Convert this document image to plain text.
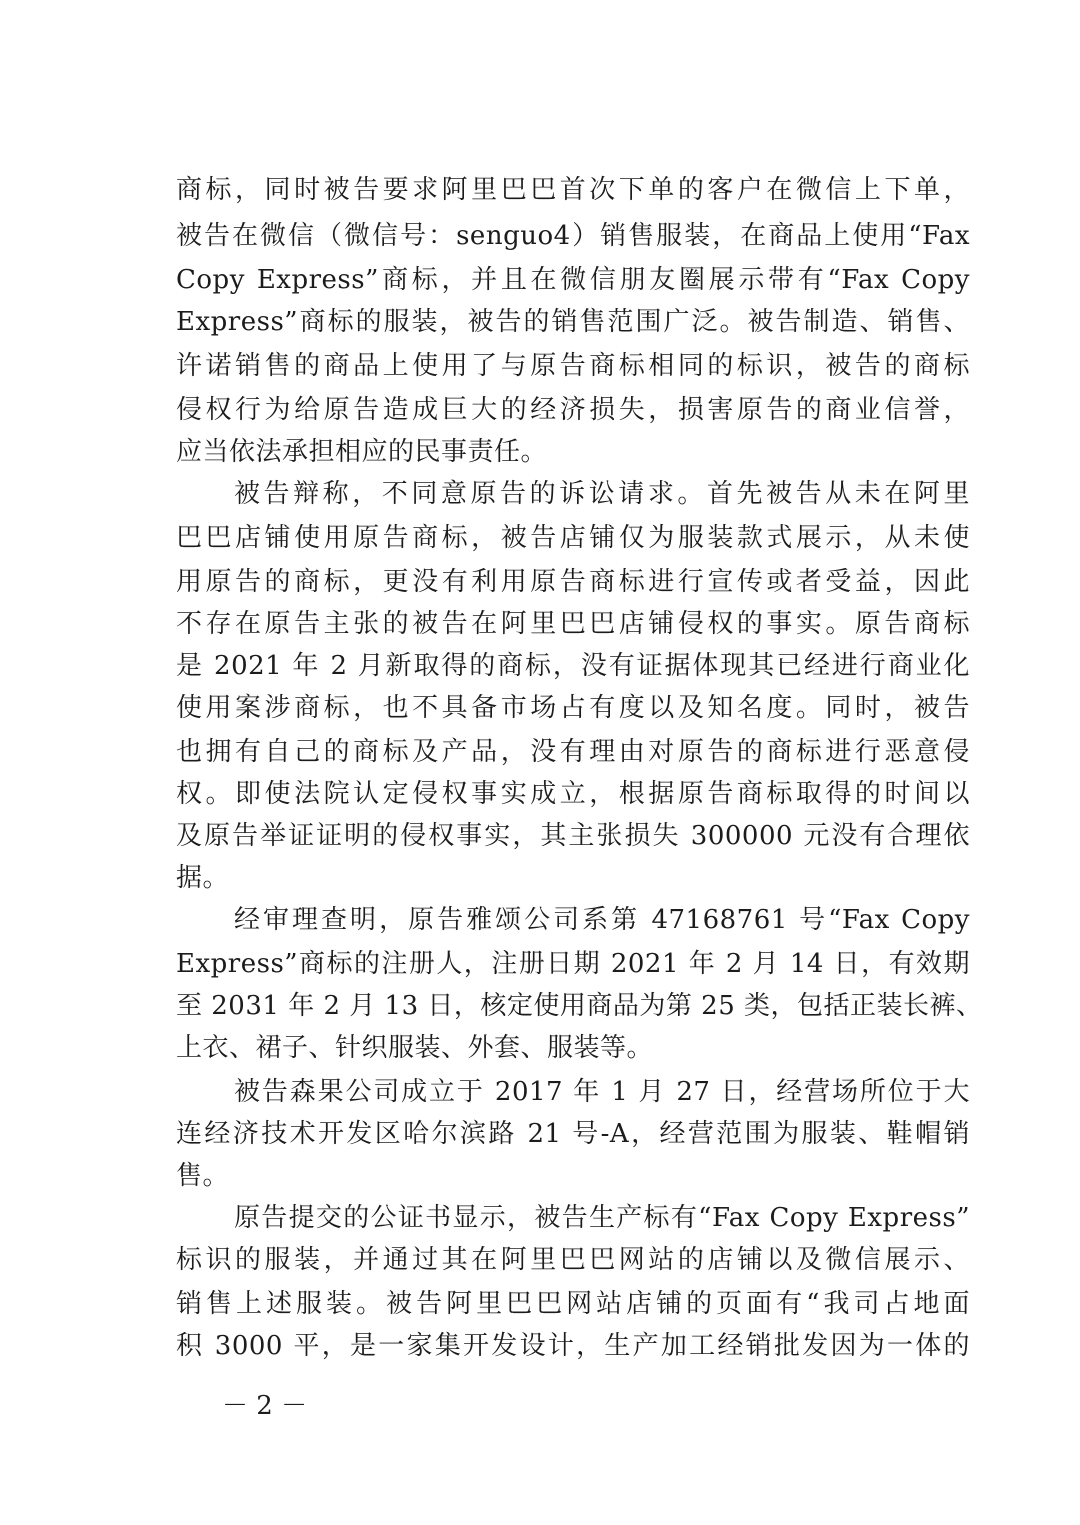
商标，同时被告要求阿里巴巴首次下单的客户在微信上下单，
被告在微信（微信号：senguo4）销售服装，在商品上使用“Fax
Copy Express”商标，并且在微信朋友圈展示带有“Fax Copy
Express”商标的服装，被告的销售范围广泛。被告制造、销售、
许诺销售的商品上使用了与原告商标相同的标识，被告的商标
侵权行为给原告造成巨大的经济损失，损害原告的商业信誉，
应当依法承担相应的民事责任。
被告辩称，不同意原告的诉讼请求。首先被告从未在阿里
巴巴店铺使用原告商标，被告店铺仅为服装款式展示，从未使
用原告的商标，更没有利用原告商标进行宣传或者受益，因此
不存在原告主张的被告在阿里巴巴店铺侵权的事实。原告商标
是 2021 年 2 月新取得的商标，没有证据体现其已经进行商业化
使用案涉商标，也不具备市场占有度以及知名度。同时，被告
也拥有自己的商标及产品，没有理由对原告的商标进行恶意侵
权。即使法院认定侵权事实成立，根据原告商标取得的时间以
及原告举证证明的侵权事实，其主张损失 300000 元没有合理依
据。
经审理查明，原告雅颂公司系第 47168761 号“Fax Copy
Express”商标的注册人，注册日期 2021 年 2 月 14 日，有效期
至 2031 年 2 月 13 日，核定使用商品为第 25 类，包括正装长裤、
上衣、裙子、针织服装、外套、服装等。
被告森果公司成立于 2017 年 1 月 27 日，经营场所位于大
连经济技术开发区哈尔滨路 21 号-A，经营范围为服装、鞋帽销
售。
原告提交的公证书显示，被告生产标有“Fax Copy Express”
标识的服装，并通过其在阿里巴巴网站的店铺以及微信展示、
销售上述服装。被告阿里巴巴网站店铺的页面有“我司占地面
积 3000 平，是一家集开发设计，生产加工经销批发因为一体的
－ 2 －
